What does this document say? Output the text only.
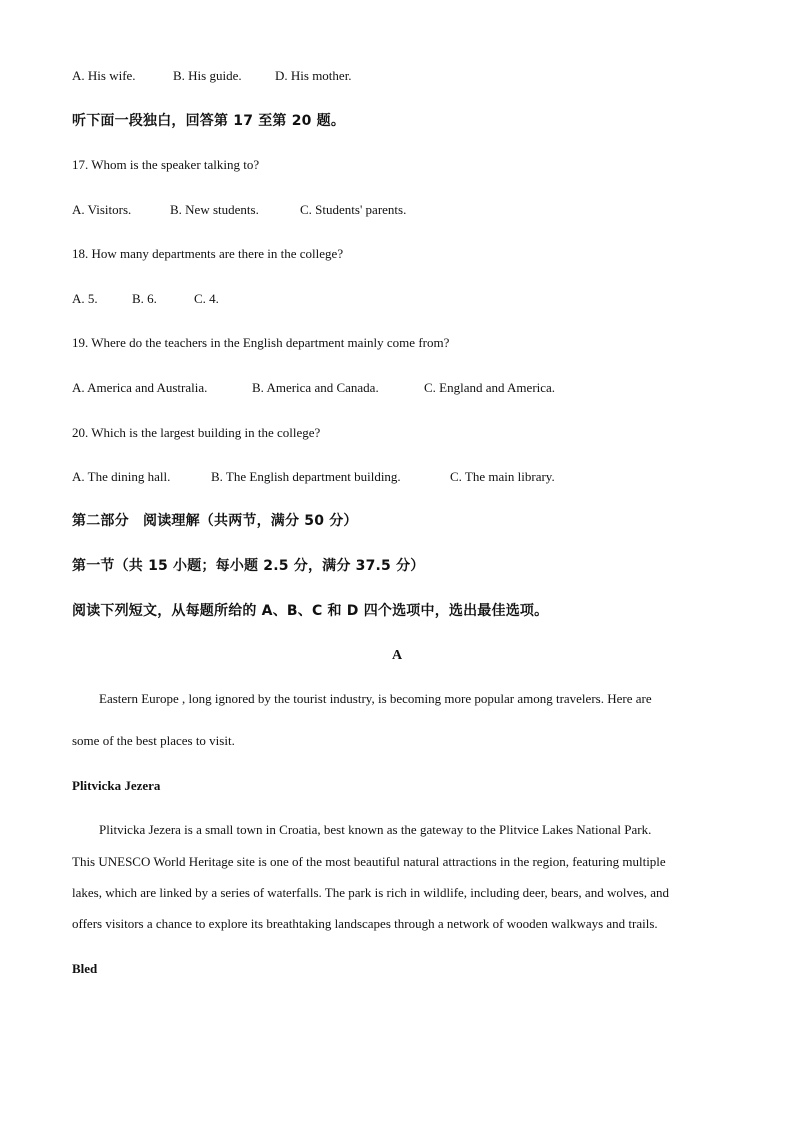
A. His wife.	B. His guide.	D. His mother.
听下面一段独白，回答第 17 至第 20 题。
17. Whom is the speaker talking to?
A. Visitors.	B. New students.	C. Students' parents.
18. How many departments are there in the college?
A. 5.	B. 6.	C. 4.
19. Where do the teachers in the English department mainly come from?
A. America and Australia.	B. America and Canada.	C. England and America.
20. Which is the largest building in the college?
A. The dining hall.	B. The English department building.	C. The main library.
第二部分　阅读理解（共两节，满分 50 分）
第一节（共 15 小题；每小题 2.5 分，满分 37.5 分）
阅读下列短文，从每题所给的 A、B、C 和 D 四个选项中，选出最佳选项。
A

Eastern Europe , long ignored by the tourist industry, is becoming more popular among travelers. Here are

some of the best places to visit.

Plitvicka Jezera

Plitvicka Jezera is a small town in Croatia, best known as the gateway to the Plitvice Lakes National Park.

This UNESCO World Heritage site is one of the most beautiful natural attractions in the region, featuring multiple

lakes, which are linked by a series of waterfalls. The park is rich in wildlife, including deer, bears, and wolves, and

offers visitors a chance to explore its breathtaking landscapes through a network of wooden walkways and trails.

Bled
